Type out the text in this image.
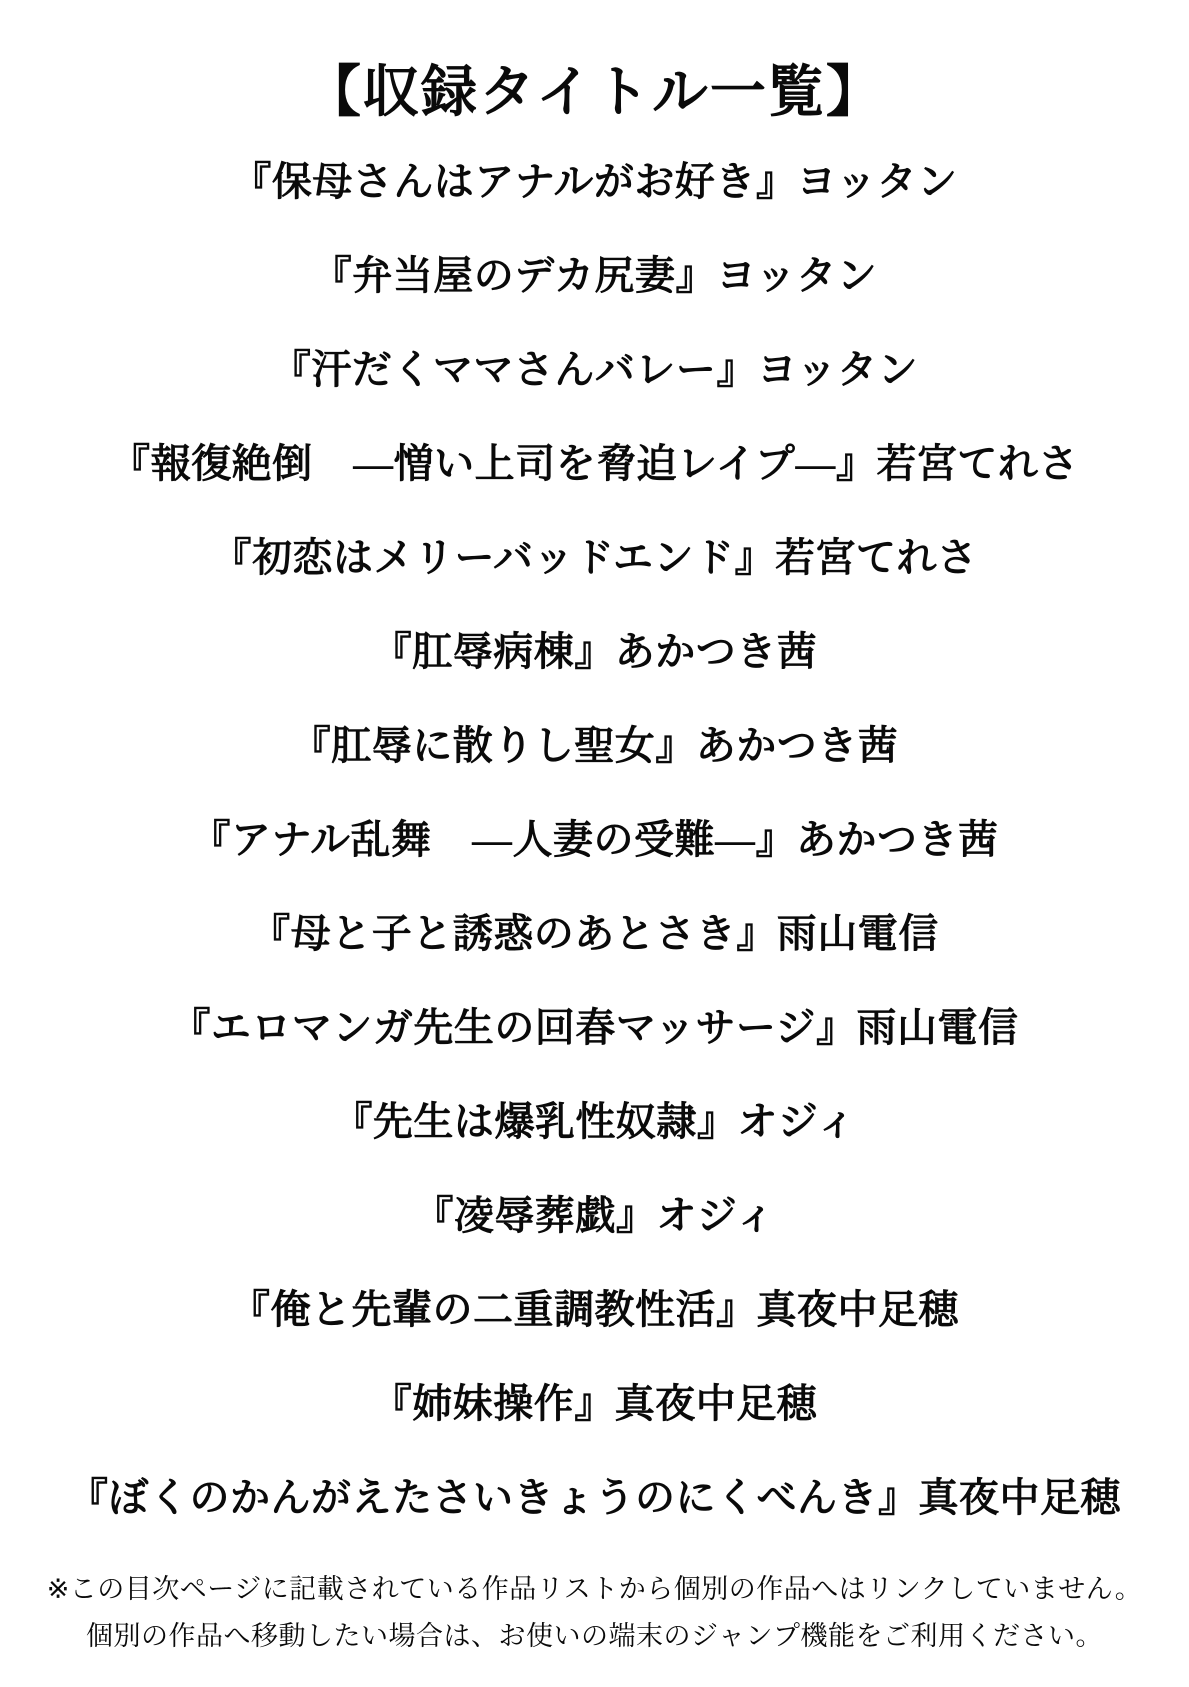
【収録タイトル一覧】
『保母さんはアナルがお好き』ヨッタン
『弁当屋のデカ尻妻』ヨッタン
『汗だくママさんバレー』ヨッタン
『報復絶倒　―憎い上司を脅迫レイプ―』若宮てれさ
『初恋はメリーバッドエンド』若宮てれさ
『肛辱病棟』あかつき茜
『肛辱に散りし聖女』あかつき茜
『アナル乱舞　―人妻の受難―』あかつき茜
『母と子と誘惑のあとさき』雨山電信
『エロマンガ先生の回春マッサージ』雨山電信
『先生は爆乳性奴隷』オジィ
『凌辱葬戯』オジィ
『俺と先輩の二重調教性活』真夜中足穂
『姉妹操作』真夜中足穂
『ぼくのかんがえたさいきょうのにくべんき』真夜中足穂
※この目次ページに記載されている作品リストから個別の作品へはリンクしていません。
個別の作品へ移動したい場合は、お使いの端末のジャンプ機能をご利用ください。
